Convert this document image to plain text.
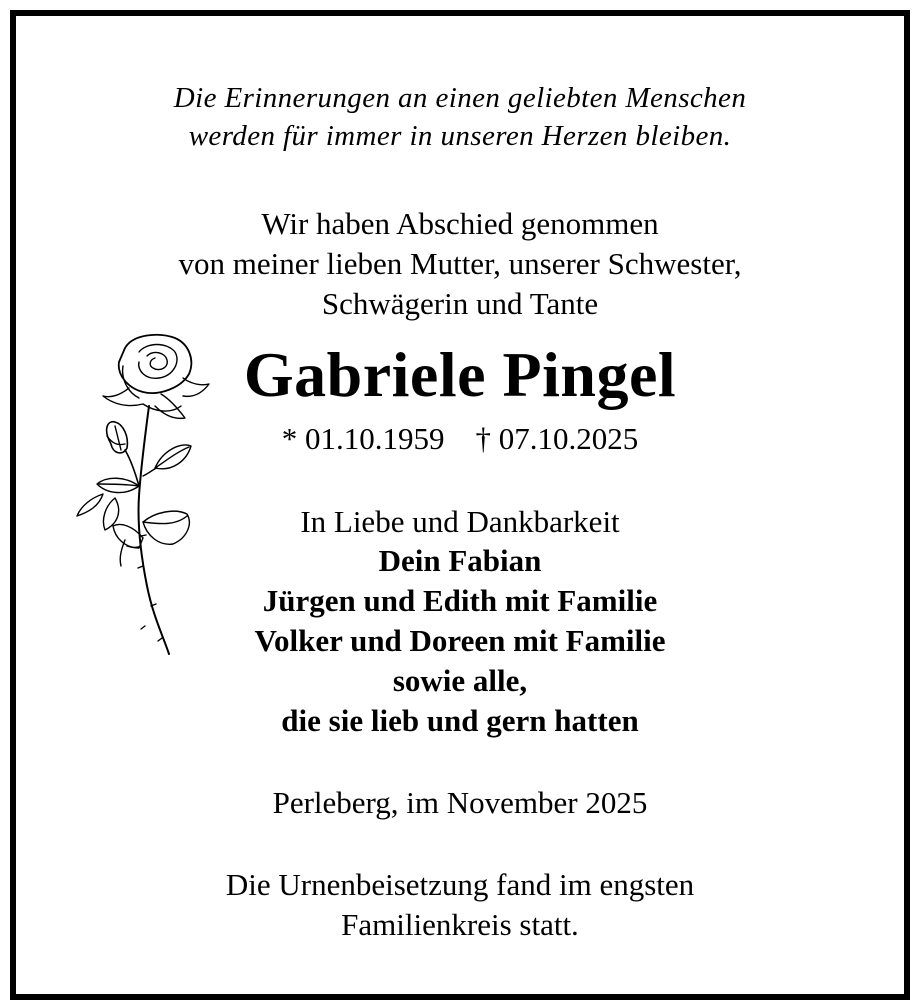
Die Erinnerungen an einen geliebten Menschen
werden für immer in unseren Herzen bleiben.
Wir haben Abschied genommen
von meiner lieben Mutter, unserer Schwester,
Schwägerin und Tante
Gabriele Pingel
* 01.10.1959    † 07.10.2025
In Liebe und Dankbarkeit
Dein Fabian
Jürgen und Edith mit Familie
Volker und Doreen mit Familie
sowie alle,
die sie lieb und gern hatten
Perleberg, im November 2025
Die Urnenbeisetzung fand im engsten
Familienkreis statt.
